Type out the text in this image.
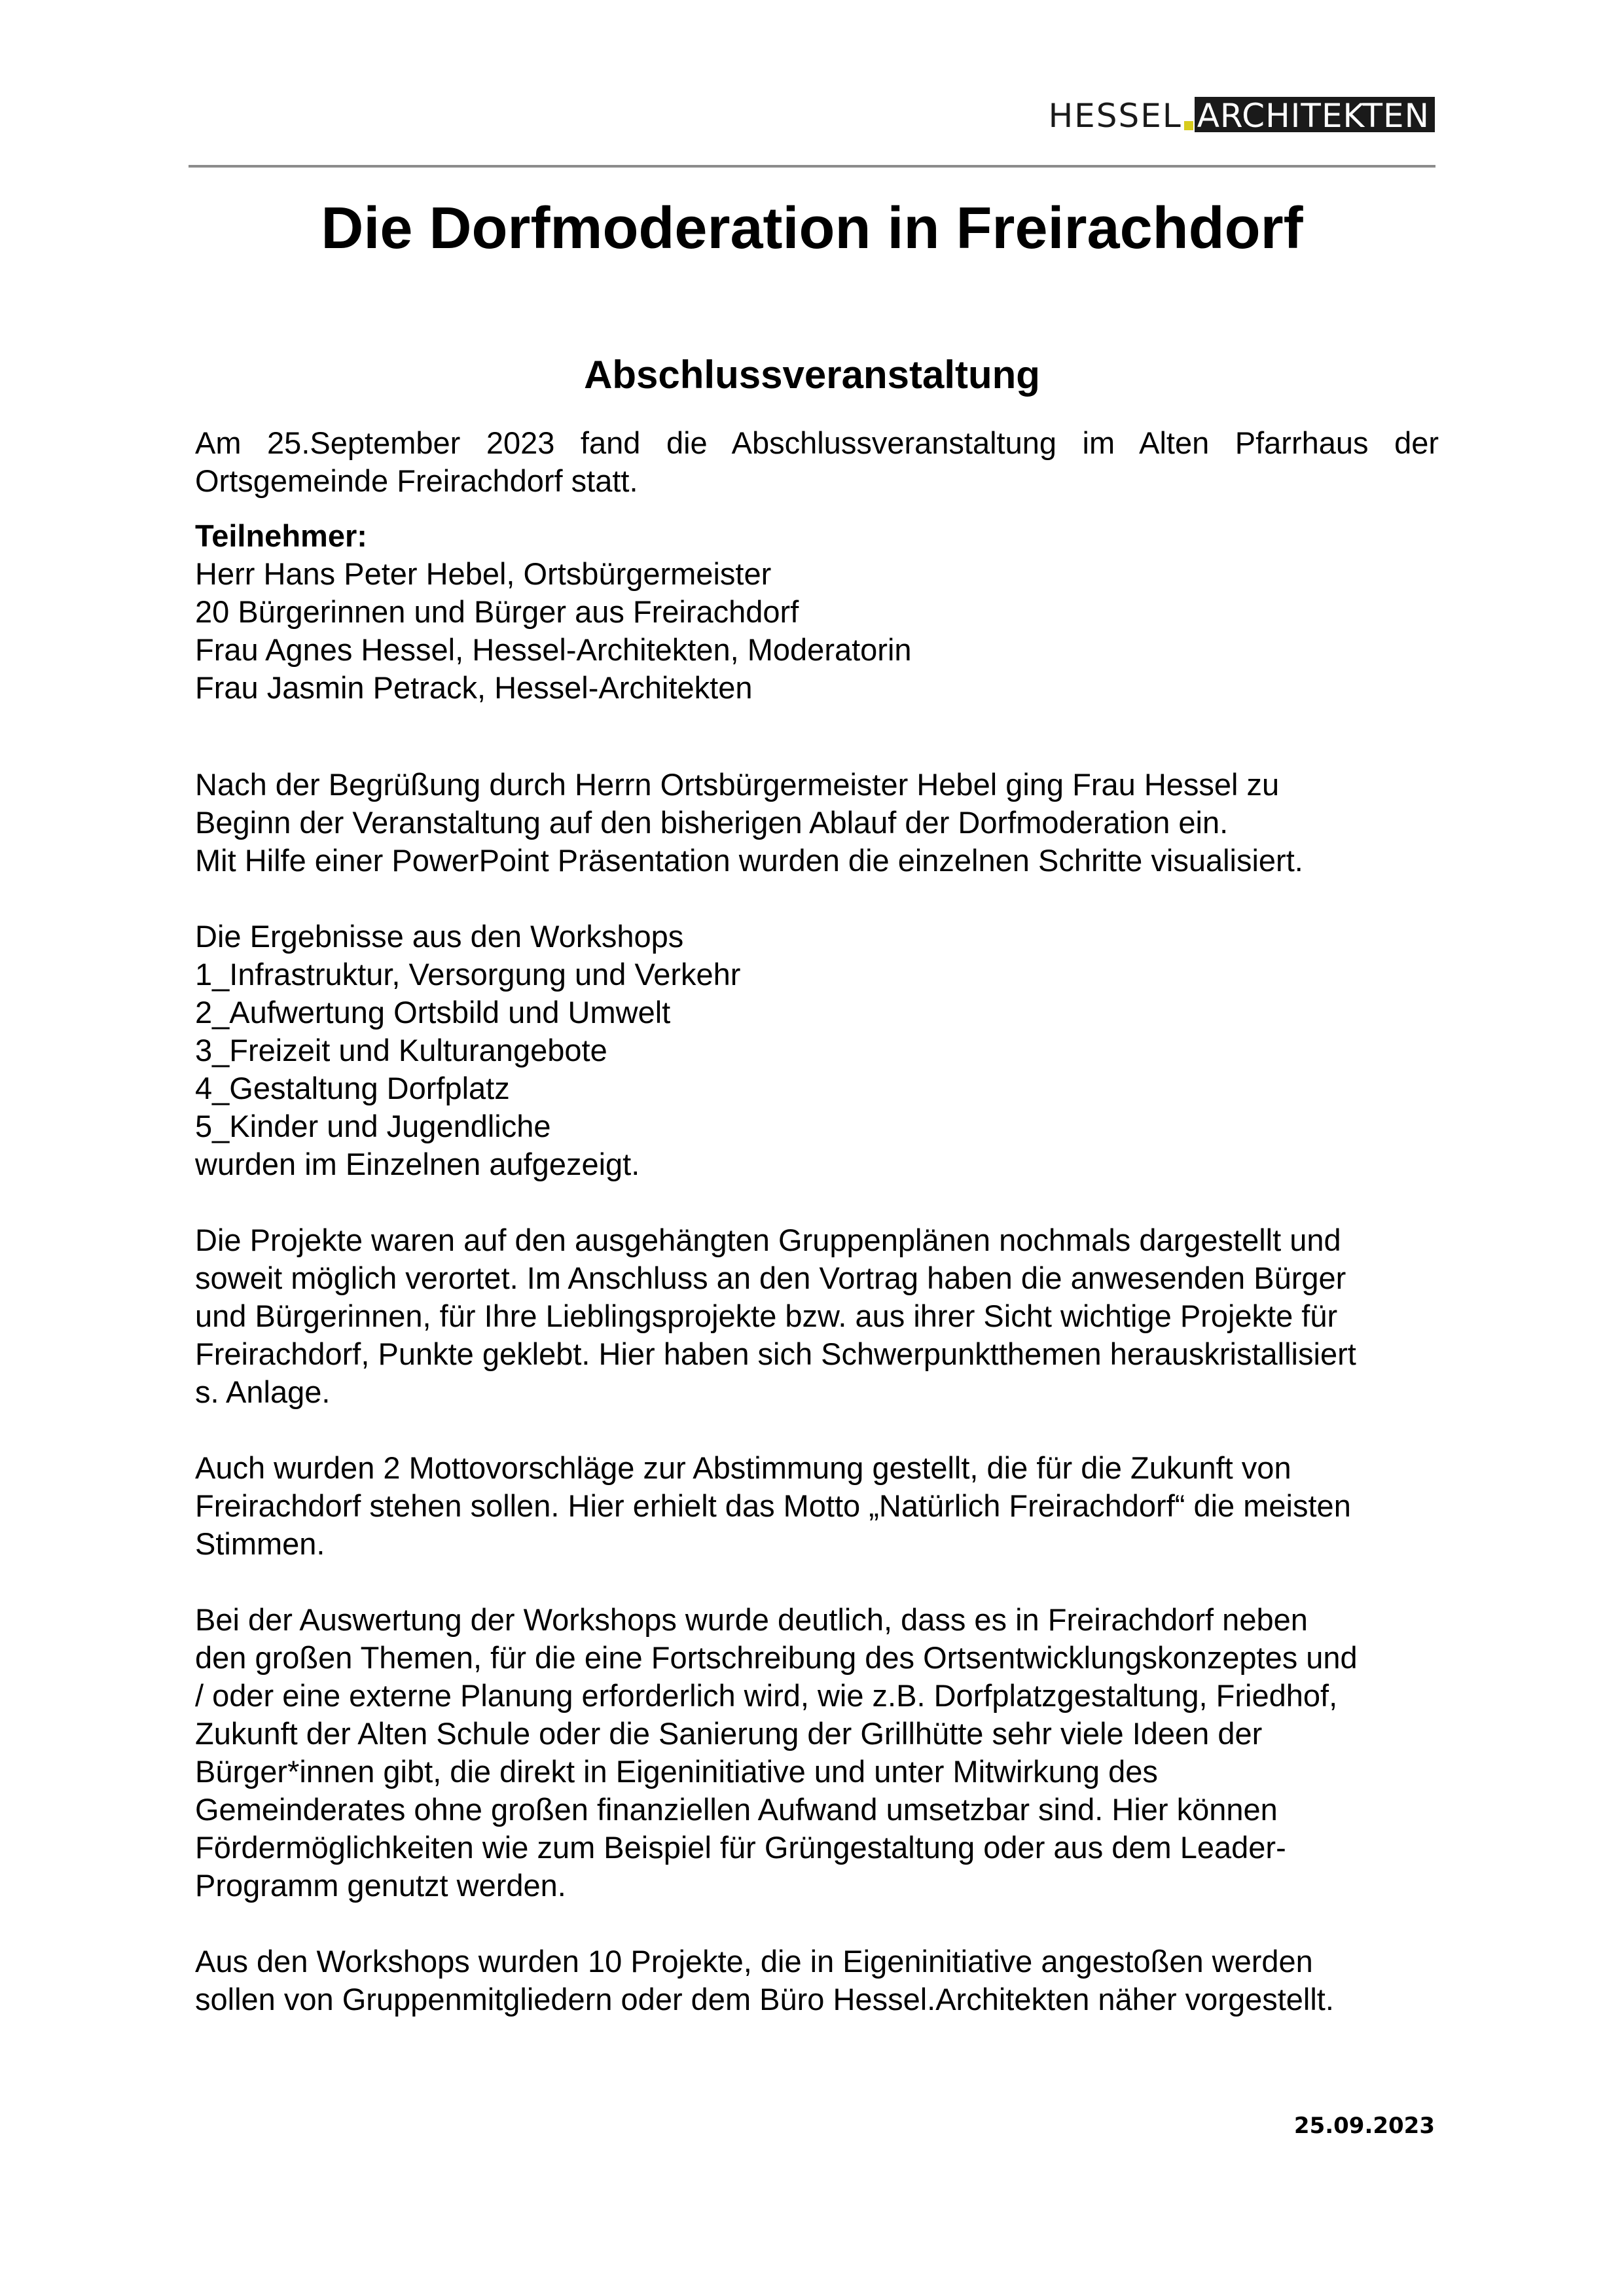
HESSEL ARCHITEKTEN
Die Dorfmoderation in Freirachdorf
Abschlussveranstaltung

Am 25.September 2023 fand die Abschlussveranstaltung im Alten Pfarrhaus der Ortsgemeinde Freirachdorf statt.

Teilnehmer:

Herr Hans Peter Hebel, Ortsbürgermeister

20 Bürgerinnen und Bürger aus Freirachdorf

Frau Agnes Hessel, Hessel-Architekten, Moderatorin

Frau Jasmin Petrack, Hessel-Architekten

Nach der Begrüßung durch Herrn Ortsbürgermeister Hebel ging Frau Hessel zu

Beginn der Veranstaltung auf den bisherigen Ablauf der Dorfmoderation ein.

Mit Hilfe einer PowerPoint Präsentation wurden die einzelnen Schritte visualisiert.

Die Ergebnisse aus den Workshops

1_Infrastruktur, Versorgung und Verkehr

2_Aufwertung Ortsbild und Umwelt

3_Freizeit und Kulturangebote

4_Gestaltung Dorfplatz

5_Kinder und Jugendliche

wurden im Einzelnen aufgezeigt.

Die Projekte waren auf den ausgehängten Gruppenplänen nochmals dargestellt und

soweit möglich verortet. Im Anschluss an den Vortrag haben die anwesenden Bürger

und Bürgerinnen, für Ihre Lieblingsprojekte bzw. aus ihrer Sicht wichtige Projekte für

Freirachdorf, Punkte geklebt. Hier haben sich Schwerpunktthemen herauskristallisiert

s. Anlage.

Auch wurden 2 Mottovorschläge zur Abstimmung gestellt, die für die Zukunft von

Freirachdorf stehen sollen. Hier erhielt das Motto „Natürlich Freirachdorf“ die meisten

Stimmen.

Bei der Auswertung der Workshops wurde deutlich, dass es in Freirachdorf neben

den großen Themen, für die eine Fortschreibung des Ortsentwicklungskonzeptes und

/ oder eine externe Planung erforderlich wird, wie z.B. Dorfplatzgestaltung, Friedhof,

Zukunft der Alten Schule oder die Sanierung der Grillhütte sehr viele Ideen der

Bürger*innen gibt, die direkt in Eigeninitiative und unter Mitwirkung des

Gemeinderates ohne großen finanziellen Aufwand umsetzbar sind. Hier können

Fördermöglichkeiten wie zum Beispiel für Grüngestaltung oder aus dem Leader-

Programm genutzt werden.

Aus den Workshops wurden 10 Projekte, die in Eigeninitiative angestoßen werden

sollen von Gruppenmitgliedern oder dem Büro Hessel.Architekten näher vorgestellt.

25.09.2023
